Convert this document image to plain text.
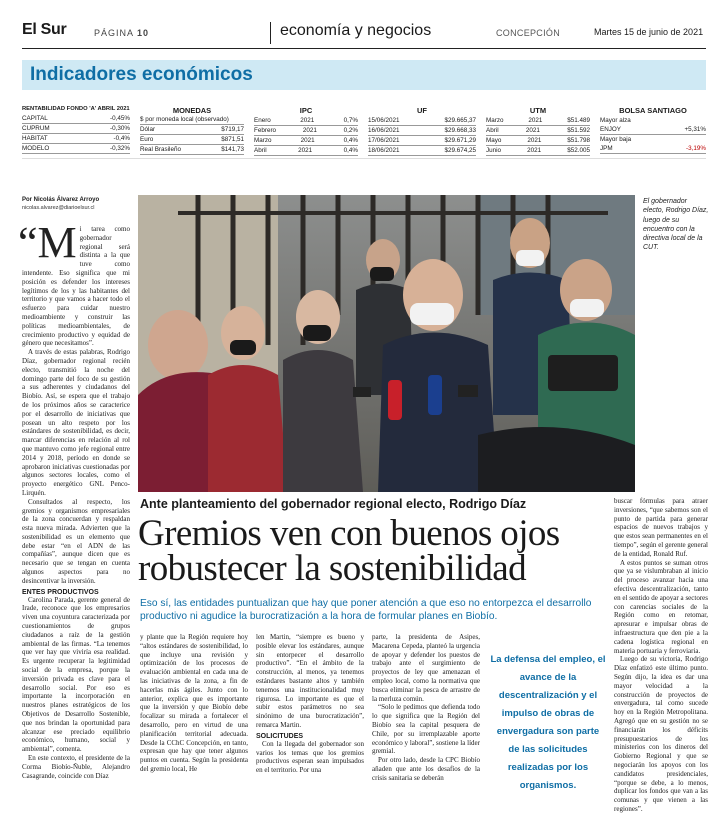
El Sur	PÁGINA 10	economía y negocios	CONCEPCIÓN	Martes 15 de junio de 2021
Indicadores económicos
RENTABILIDAD FONDO 'A' ABRIL 2021
CAPITAL	-0,45%
CUPRUM	-0,30%
HABITAT	-0,4%
MODELO	-0,32%
MONEDAS
$ por moneda local (observado)
Dólar	$719,17
Euro	$871,51
Real Brasileño	$141,73
IPC
Enero	2021	0,7%
Febrero	2021	0,2%
Marzo	2021	0,4%
Abril	2021	0,4%
UF
15/06/2021	$29.665,37
16/06/2021	$29.668,33
17/06/2021	$29.671,29
18/06/2021	$29.674,25
UTM
Marzo	2021	$51.489
Abril	2021	$51.592
Mayo	2021	$51.798
Junio	2021	$52.005
BOLSA SANTIAGO
Mayor alza
ENJOY	+5,31%
Mayor baja
JPM	-3,19%
Por Nicolás Álvarez Arroyo
nicolas.alvarez@diarioelsur.cl
El gobernador electo, Rodrigo Díaz, luego de su encuentro con la directiva local de la CUT.
Ante planteamiento del gobernador regional electo, Rodrigo Díaz
Gremios ven con buenos ojos
robustecer la sostenibilidad
Eso sí, las entidades puntualizan que hay que poner atención a que eso no entorpezca el desarrollo productivo ni agudice la burocratización a la hora de formular planes en Biobío.
“M i tarea como gobernador regional será distinta a la que tuve como intendente. Eso significa que mi posición es defender los intereses legítimos de los y las habitantes del territorio y que vamos a hacer todo el esfuerzo para cuidar nuestro medioambiente y construir las políticas medioambientales, de crecimiento productivo y equidad de género que necesitamos”.

A través de estas palabras, Rodrigo Díaz, gobernador regional recién electo, transmitió la noche del domingo parte del foco de su gestión a sus adherentes y ciudadanos del Biobío. Así, se espera que el trabajo de los próximos años se caracterice por el desarrollo de iniciativas que posean un alto respeto por los estándares de sostenibilidad, es decir, marcar diferencias en relación al rol que mantuvo como jefe regional entre 2014 y 2018, período en donde se aprobaron iniciativas cuestionadas por algunos sectores locales, como el proyecto energético GNL Penco-Lirquén.

Consultados al respecto, los gremios y organismos empresariales de la zona concuerdan y respaldan esta nueva mirada. Advierten que la sostenibilidad es un elemento que debe estar “en el ADN de las compañías”, aunque dicen que es necesario que se tengan en cuenta algunos aspectos para no desincentivar la inversión.

ENTES PRODUCTIVOS

Carolina Parada, gerente general de Irade, reconoce que los empresarios viven una coyuntura caracterizada por cuestionamientos de grupos ciudadanos a raíz de la gestión ambiental de las firmas. “La tenemos que ver hay que viviría esa realidad. Es urgente recuperar la legitimidad social de la empresa, porque la inversión privada es clave para el desarrollo social. Por eso es importante la incorporación en nuestros planes estratégicos de los Objetivos de Desarrollo Sostenible, que nos brindan la oportunidad para alcanzar ese preciado equilibrio económico, humano, social y ambiental”, comenta.

En este contexto, el presidente de la Corma Biobío-Ñuble, Alejandro Casagrande, coincide con Díaz

y plante que la Región requiere hoy “altos estándares de sostenibilidad, lo que incluye una revisión y optimización de los procesos de evaluación ambiental en cada una de las iniciativas de la zona, a fin de hacerlas más ágiles. Junto con lo anterior, explica que es importante que la inversión y que Biobío debe focalizar su mirada a fortalecer el desarrollo, pero en virtud de una planificación territorial adecuada. Desde la CChC Concepción, en tanto, expresan que hay que tener algunos puntos en cuenta. Según la presidenta del gremio local, He

len Martin, “siempre es bueno y posible elevar los estándares, aunque sin entorpecer el desarrollo productivo”. “En el ámbito de la construcción, al menos, ya tenemos estándares bastante altos y también tenemos una institucionalidad muy rigurosa. Lo importante es que el subir estos parámetros no sea sinónimo de una burocratización”, remarca Martin.

SOLICITUDES

Con la llegada del gobernador son varios los temas que los gremios productivos esperan sean impulsados en el territorio. Por una

parte, la presidenta de Asipes, Macarena Cepeda, planteó la urgencia de apoyar y defender los puestos de trabajo ante el surgimiento de proyectos de ley que amenazan el empleo local, como la normativa que busca eliminar la pesca de arrastre de la merluza común.

“Solo le pedimos que defienda todo lo que significa que la Región del Biobío sea la capital pesquera de Chile, por su irremplazable aporte económico y laboral”, sostiene la líder gremial.

Por otro lado, desde la CPC Biobío añaden que ante los desafíos de la crisis sanitaria se deberán

La defensa del empleo, el avance de la descentralización y el impulso de obras de envergadura son parte de las solicitudes realizadas por los organismos.

buscar fórmulas para atraer inversiones, “que sabemos son el punto de partida para generar espacios de nuevos trabajos y que estos sean permanentes en el tiempo”, según el gerente general de la entidad, Ronald Ruf.

A estos puntos se suman otros que ya se vislumbraban al inicio del proceso avanzar hacia una efectiva descentralización, tanto en el sentido de apoyar a sectores con carencias sociales de la Región como en retomar, apresurar e impulsar obras de infraestructura que den pie a la cadena logística regional en materia portuaria y ferroviaria.

Luego de su victoria, Rodrigo Díaz enfatizó este último punto. Según dijo, la idea es dar una mayor velocidad a la construcción de proyectos de envergadura, tal como sucede hoy en la Región Metropolitana. Agregó que en su gestión no se financiarán los déficits presupuestarios de los ministerios con los dineros del Gobierno Regional y que se negociarán los apoyos con los candidatos presidenciales, “porque se debe, a lo menos, duplicar los fondos que van a las comunas y que vienen a las regiones”.
